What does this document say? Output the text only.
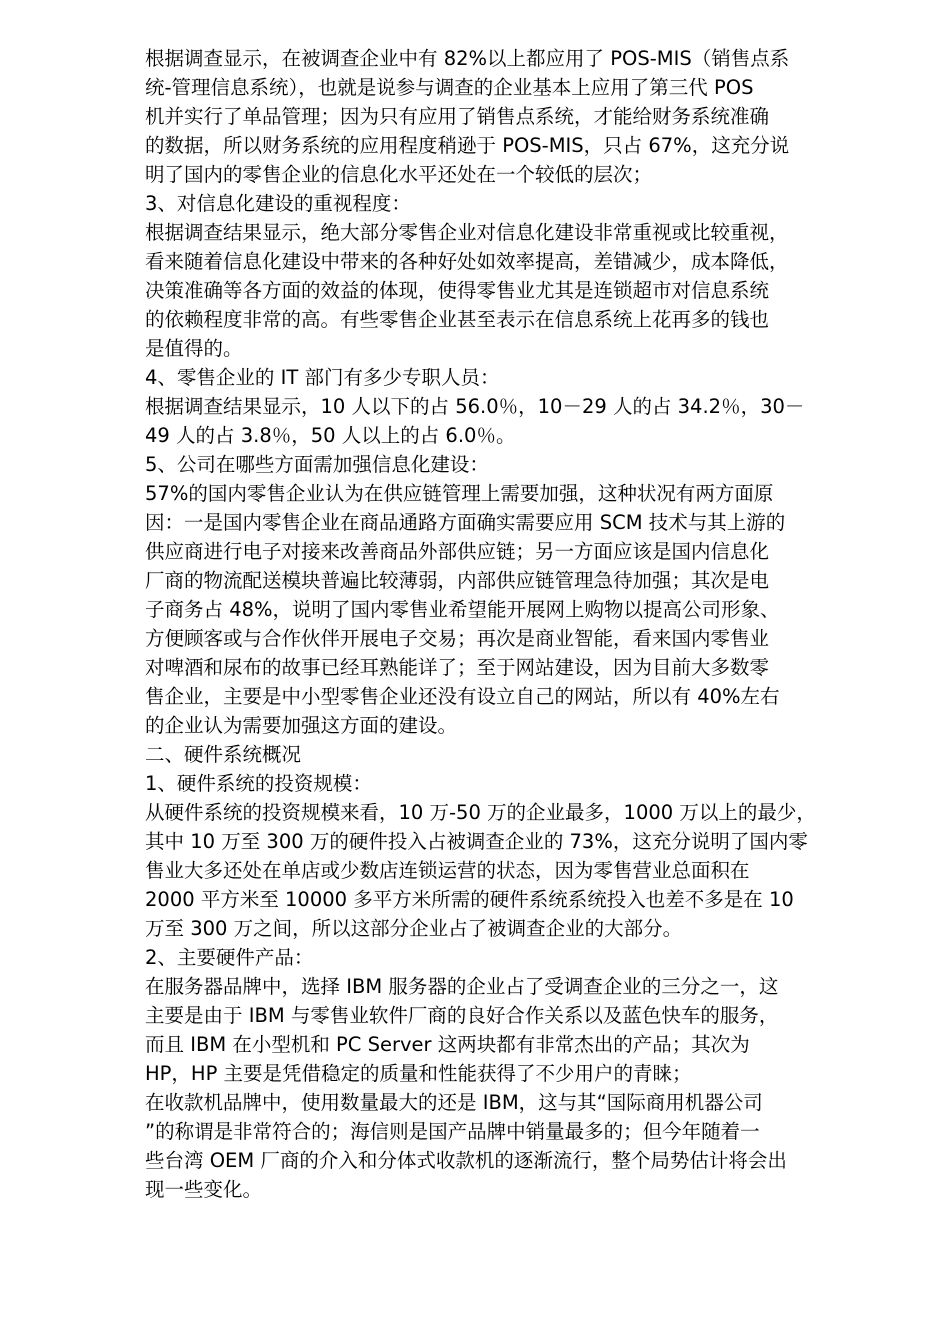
根据调查显示，在被调查企业中有 82%以上都应用了 POS-MIS（销售点系
统-管理信息系统），也就是说参与调查的企业基本上应用了第三代 POS
机并实行了单品管理；因为只有应用了销售点系统，才能给财务系统准确
的数据，所以财务系统的应用程度稍逊于 POS-MIS，只占 67%，这充分说
明了国内的零售企业的信息化水平还处在一个较低的层次；
3、对信息化建设的重视程度：
根据调查结果显示，绝大部分零售企业对信息化建设非常重视或比较重视，
看来随着信息化建设中带来的各种好处如效率提高，差错减少，成本降低，
决策准确等各方面的效益的体现，使得零售业尤其是连锁超市对信息系统
的依赖程度非常的高。有些零售企业甚至表示在信息系统上花再多的钱也
是值得的。
4、零售企业的 IT 部门有多少专职人员：
根据调查结果显示，10 人以下的占 56.0％，10－29 人的占 34.2％，30－
49 人的占 3.8％，50 人以上的占 6.0％。
5、公司在哪些方面需加强信息化建设：
57%的国内零售企业认为在供应链管理上需要加强，这种状况有两方面原
因：一是国内零售企业在商品通路方面确实需要应用 SCM 技术与其上游的
供应商进行电子对接来改善商品外部供应链；另一方面应该是国内信息化
厂商的物流配送模块普遍比较薄弱，内部供应链管理急待加强；其次是电
子商务占 48%，说明了国内零售业希望能开展网上购物以提高公司形象、
方便顾客或与合作伙伴开展电子交易；再次是商业智能，看来国内零售业
对啤酒和尿布的故事已经耳熟能详了；至于网站建设，因为目前大多数零
售企业，主要是中小型零售企业还没有设立自己的网站，所以有 40%左右
的企业认为需要加强这方面的建设。
二、硬件系统概况
1、硬件系统的投资规模：
从硬件系统的投资规模来看，10 万-50 万的企业最多，1000 万以上的最少，
其中 10 万至 300 万的硬件投入占被调查企业的 73%，这充分说明了国内零
售业大多还处在单店或少数店连锁运营的状态，因为零售营业总面积在
2000 平方米至 10000 多平方米所需的硬件系统系统投入也差不多是在 10
万至 300 万之间，所以这部分企业占了被调查企业的大部分。
2、主要硬件产品：
在服务器品牌中，选择 IBM 服务器的企业占了受调查企业的三分之一，这
主要是由于 IBM 与零售业软件厂商的良好合作关系以及蓝色快车的服务，
而且 IBM 在小型机和 PC Server 这两块都有非常杰出的产品；其次为
HP，HP 主要是凭借稳定的质量和性能获得了不少用户的青睐；
在收款机品牌中，使用数量最大的还是 IBM，这与其“国际商用机器公司
”的称谓是非常符合的；海信则是国产品牌中销量最多的；但今年随着一
些台湾 OEM 厂商的介入和分体式收款机的逐渐流行，整个局势估计将会出
现一些变化。
